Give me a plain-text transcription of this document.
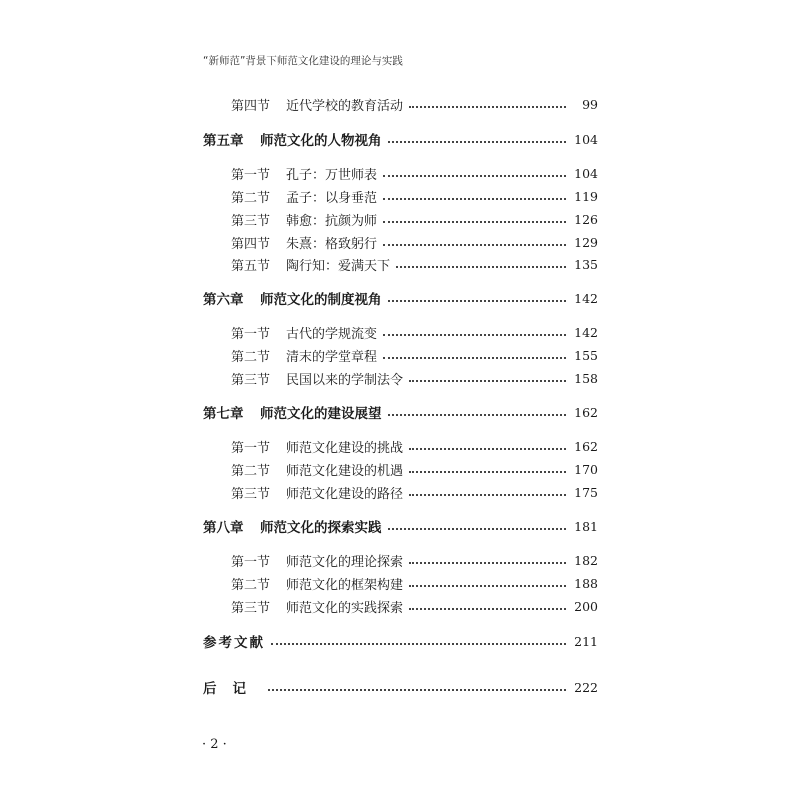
“新师范”背景下师范文化建设的理论与实践
第四节	近代学校的教育活动	99
第五章	师范文化的人物视角	104
第一节	孔子：万世师表	104
第二节	孟子：以身垂范	119
第三节	韩愈：抗颜为师	126
第四节	朱熹：格致躬行	129
第五节	陶行知：爱满天下	135
第六章	师范文化的制度视角	142
第一节	古代的学规流变	142
第二节	清末的学堂章程	155
第三节	民国以来的学制法令	158
第七章	师范文化的建设展望	162
第一节	师范文化建设的挑战	162
第二节	师范文化建设的机遇	170
第三节	师范文化建设的路径	175
第八章	师范文化的探索实践	181
第一节	师范文化的理论探索	182
第二节	师范文化的框架构建	188
第三节	师范文化的实践探索	200
参考文献	211
后记	222
· 2 ·
